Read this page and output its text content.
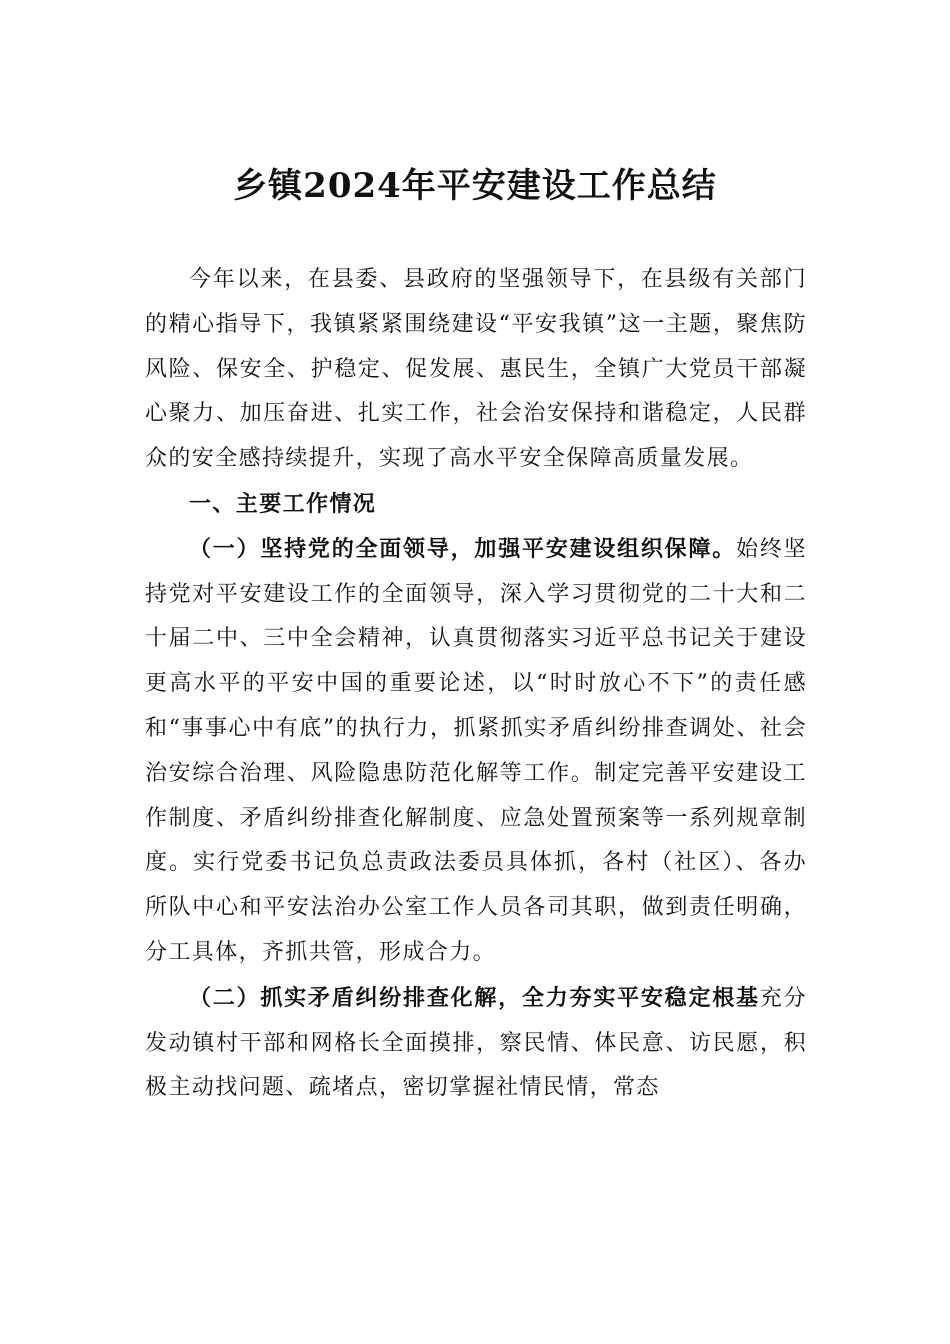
乡镇2024年平安建设工作总结

今年以来，在县委、县政府的坚强领导下，在县级有关部门的精心指导下，我镇紧紧围绕建设“平安我镇”这一主题，聚焦防风险、保安全、护稳定、促发展、惠民生，全镇广大党员干部凝心聚力、加压奋进、扎实工作，社会治安保持和谐稳定，人民群众的安全感持续提升，实现了高水平安全保障高质量发展。

一、主要工作情况

（一）坚持党的全面领导，加强平安建设组织保障。始终坚持党对平安建设工作的全面领导，深入学习贯彻党的二十大和二十届二中、三中全会精神，认真贯彻落实习近平总书记关于建设更高水平的平安中国的重要论述，以“时时放心不下”的责任感和“事事心中有底”的执行力，抓紧抓实矛盾纠纷排查调处、社会治安综合治理、风险隐患防范化解等工作。制定完善平安建设工作制度、矛盾纠纷排查化解制度、应急处置预案等一系列规章制度。实行党委书记负总责政法委员具体抓，各村（社区）、各办所队中心和平安法治办公室工作人员各司其职，做到责任明确，分工具体，齐抓共管，形成合力。

（二）抓实矛盾纠纷排查化解，全力夯实平安稳定根基充分发动镇村干部和网格长全面摸排，察民情、体民意、访民愿，积极主动找问题、疏堵点，密切掌握社情民情，常态
